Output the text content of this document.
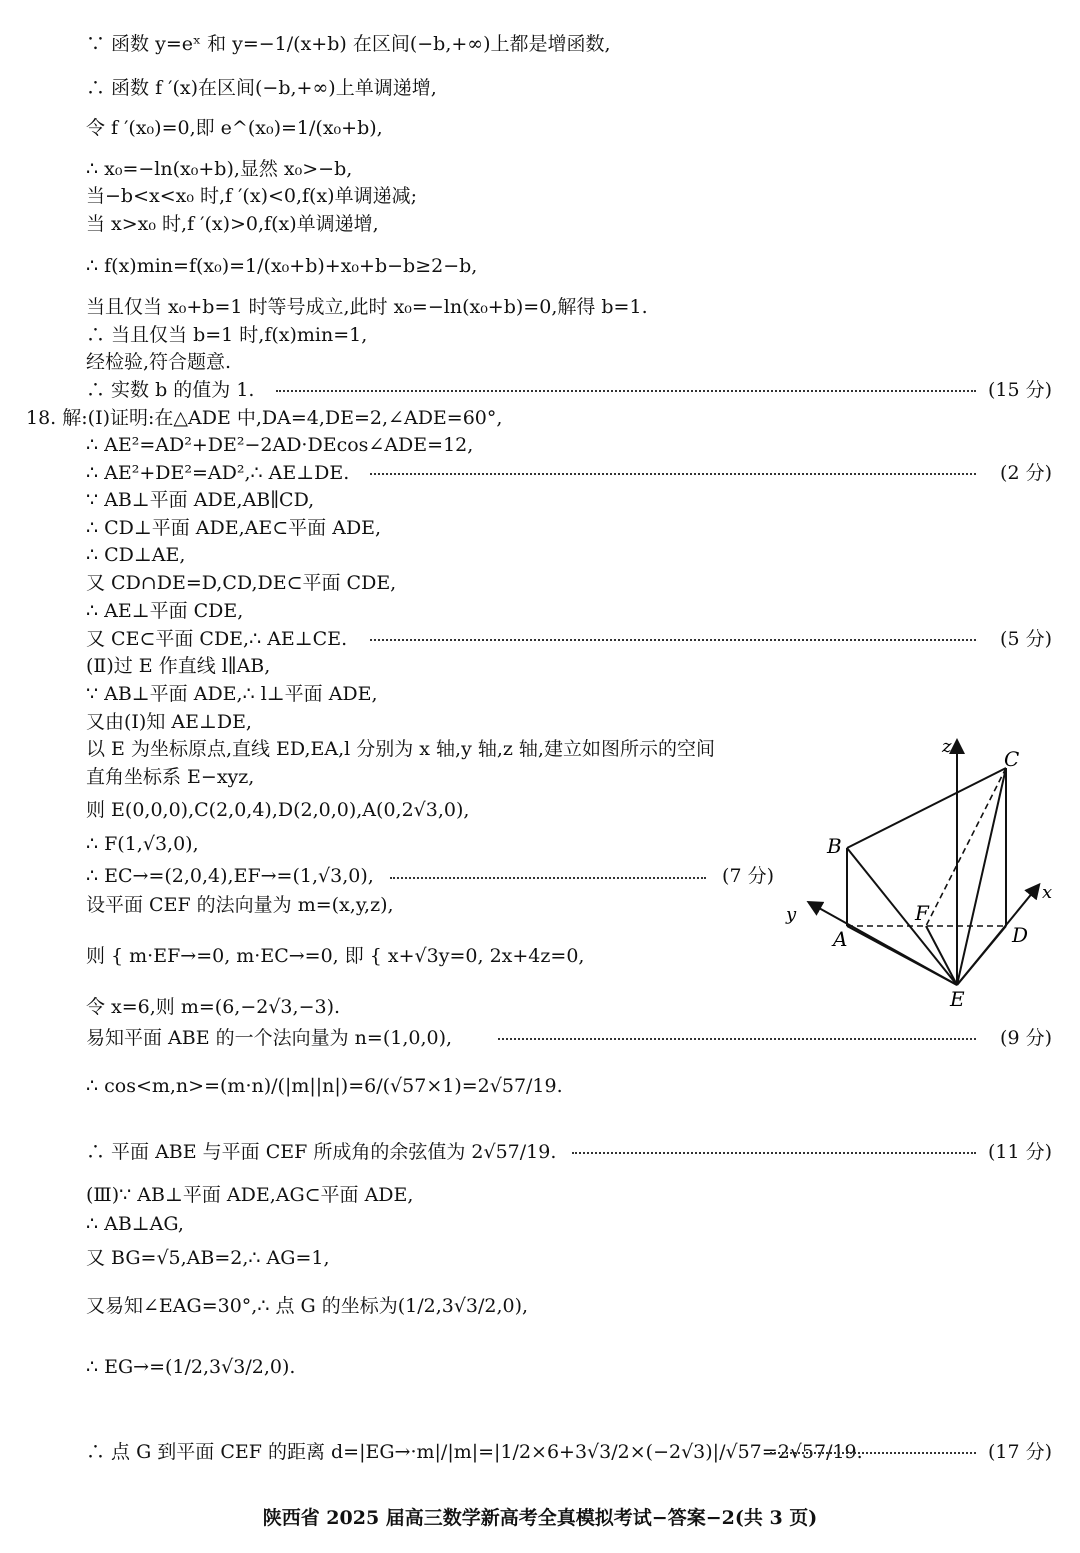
∵ 函数 y=eˣ 和 y=−1/(x+b) 在区间(−b,+∞)上都是增函数,
∴ 函数 f ′(x)在区间(−b,+∞)上单调递增,
令 f ′(x₀)=0,即 e^(x₀)=1/(x₀+b),
∴ x₀=−ln(x₀+b),显然 x₀>−b,
当−b<x<x₀ 时,f ′(x)<0,f(x)单调递减;
当 x>x₀ 时,f ′(x)>0,f(x)单调递增,
∴ f(x)min=f(x₀)=1/(x₀+b)+x₀+b−b≥2−b,
当且仅当 x₀+b=1 时等号成立,此时 x₀=−ln(x₀+b)=0,解得 b=1.
∴ 当且仅当 b=1 时,f(x)min=1,
经检验,符合题意.
∴ 实数 b 的值为 1.
18. 解:(Ⅰ)证明:在△ADE 中,DA=4,DE=2,∠ADE=60°,
∴ AE²=AD²+DE²−2AD·DEcos∠ADE=12,
∴ AE²+DE²=AD²,∴ AE⊥DE.
∵ AB⊥平面 ADE,AB∥CD,
∴ CD⊥平面 ADE,AE⊂平面 ADE,
∴ CD⊥AE,
又 CD∩DE=D,CD,DE⊂平面 CDE,
∴ AE⊥平面 CDE,
又 CE⊂平面 CDE,∴ AE⊥CE.
(Ⅱ)过 E 作直线 l∥AB,
∵ AB⊥平面 ADE,∴ l⊥平面 ADE,
又由(Ⅰ)知 AE⊥DE,
以 E 为坐标原点,直线 ED,EA,l 分别为 x 轴,y 轴,z 轴,建立如图所示的空间
直角坐标系 E−xyz,
则 E(0,0,0),C(2,0,4),D(2,0,0),A(0,2√3,0),
∴ F(1,√3,0),
∴ EC→=(2,0,4),EF→=(1,√3,0),
设平面 CEF 的法向量为 m=(x,y,z),
则 { m·EF→=0, m·EC→=0, 即 { x+√3y=0, 2x+4z=0,
令 x=6,则 m=(6,−2√3,−3).
易知平面 ABE 的一个法向量为 n=(1,0,0),
∴ cos<m,n>=(m·n)/(|m||n|)=6/(√57×1)=2√57/19.
∴ 平面 ABE 与平面 CEF 所成角的余弦值为 2√57/19.
(Ⅲ)∵ AB⊥平面 ADE,AG⊂平面 ADE,
∴ AB⊥AG,
又 BG=√5,AB=2,∴ AG=1,
又易知∠EAG=30°,∴ 点 G 的坐标为(1/2,3√3/2,0),
∴ EG→=(1/2,3√3/2,0).
∴ 点 G 到平面 CEF 的距离 d=|EG→·m|/|m|=|1/2×6+3√3/2×(−2√3)|/√57=2√57/19.
(15 分)
(2 分)
(5 分)
(7 分)
(9 分)
(11 分)
(17 分)
z
C
B
F
x
y
A	D
E
陕西省 2025 届高三数学新高考全真模拟考试−答案−2(共 3 页)
